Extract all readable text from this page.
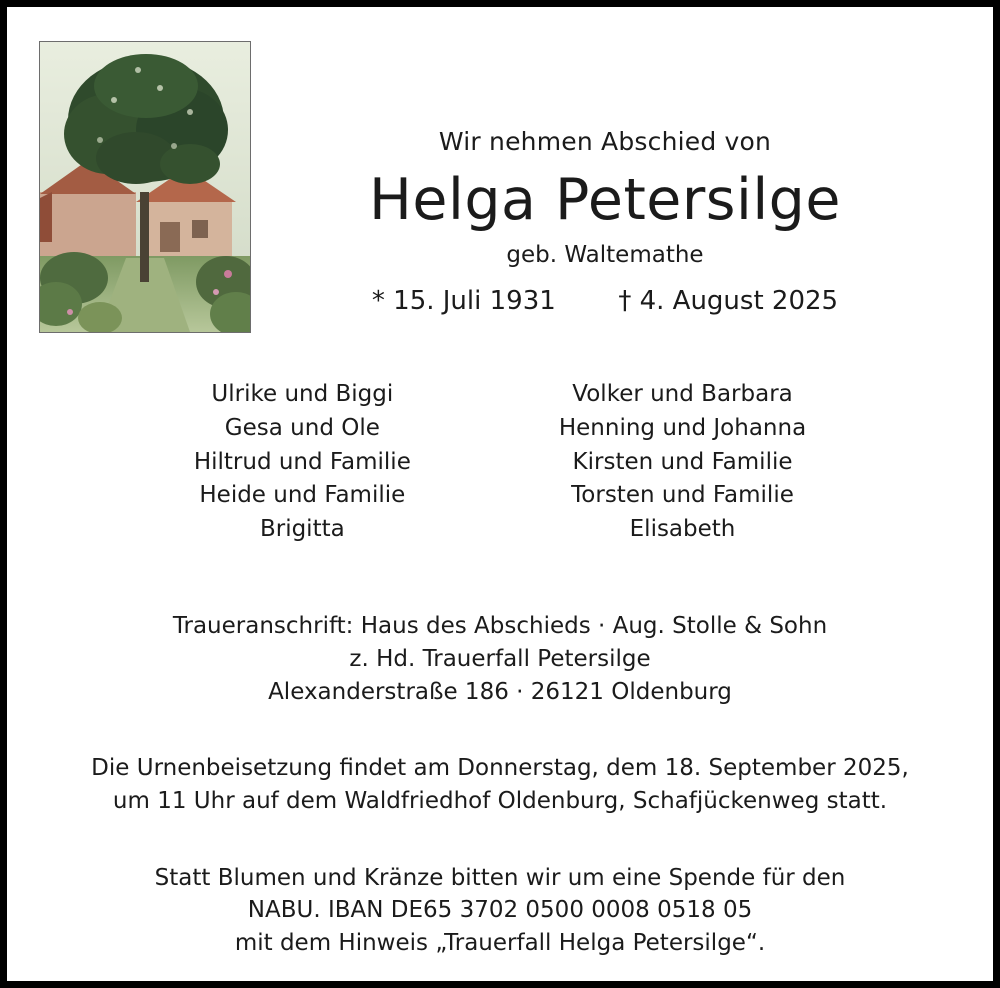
Wir nehmen Abschied von
Helga Petersilge
geb. Waltemathe
* 15. Juli 1931 † 4. August 2025
Ulrike und Biggi
Gesa und Ole
Hiltrud und Familie
Heide und Familie
Brigitta
Volker und Barbara
Henning und Johanna
Kirsten und Familie
Torsten und Familie
Elisabeth
Traueranschrift: Haus des Abschieds · Aug. Stolle & Sohn
z. Hd. Trauerfall Petersilge
Alexanderstraße 186 · 26121 Oldenburg
Die Urnenbeisetzung findet am Donnerstag, dem 18. September 2025,
um 11 Uhr auf dem Waldfriedhof Oldenburg, Schafjückenweg statt.
Statt Blumen und Kränze bitten wir um eine Spende für den
NABU. IBAN DE65 3702 0500 0008 0518 05
mit dem Hinweis „Trauerfall Helga Petersilge“.
